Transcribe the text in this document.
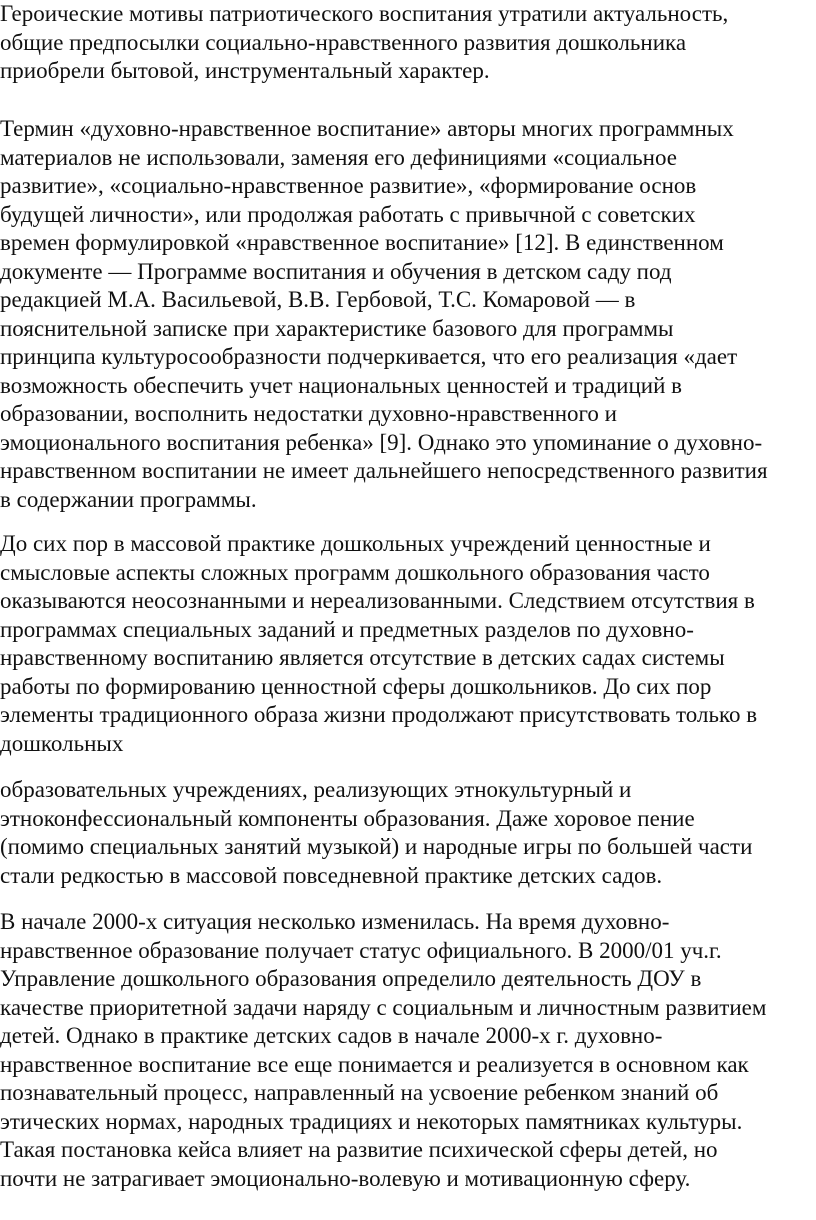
Героические мотивы патриотического воспитания утратили актуальность,
общие предпосылки социально-нравственного развития дошкольника
приобрели бытовой, инструментальный характер.
Термин «духовно-нравственное воспитание» авторы многих программных
материалов не использовали, заменяя его дефинициями «социальное
развитие», «социально-нравственное развитие», «формирование основ
будущей личности», или продолжая работать с привычной с советских
времен формулировкой «нравственное воспитание» [12]. В единственном
документе — Программе воспитания и обучения в детском саду под
редакцией М.А. Васильевой, В.В. Гербовой, Т.С. Комаровой — в
пояснительной записке при характеристике базового для программы
принципа культуросообразности подчеркивается, что его реализация «дает
возможность обеспечить учет национальных ценностей и традиций в
образовании, восполнить недостатки духовно-нравственного и
эмоционального воспитания ребенка» [9]. Однако это упоминание о духовно-
нравственном воспитании не имеет дальнейшего непосредственного развития
в содержании программы.
До сих пор в массовой практике дошкольных учреждений ценностные и
смысловые аспекты сложных программ дошкольного образования часто
оказываются неосознанными и нереализованными. Следствием отсутствия в
программах специальных заданий и предметных разделов по духовно-
нравственному воспитанию является отсутствие в детских садах системы
работы по формированию ценностной сферы дошкольников. До сих пор
элементы традиционного образа жизни продолжают присутствовать только в
дошкольных
образовательных учреждениях, реализующих этнокультурный и
этноконфессиональный компоненты образования. Даже хоровое пение
(помимо специальных занятий музыкой) и народные игры по большей части
стали редкостью в массовой повседневной практике детских садов.
В начале 2000-х ситуация несколько изменилась. На время духовно-
нравственное образование получает статус официального. В 2000/01 уч.г.
Управление дошкольного образования определило деятельность ДОУ в
качестве приоритетной задачи наряду с социальным и личностным развитием
детей. Однако в практике детских садов в начале 2000-х г. духовно-
нравственное воспитание все еще понимается и реализуется в основном как
познавательный процесс, направленный на усвоение ребенком знаний об
этических нормах, народных традициях и некоторых памятниках культуры.
Такая постановка кейса влияет на развитие психической сферы детей, но
почти не затрагивает эмоционально-волевую и мотивационную сферу.
